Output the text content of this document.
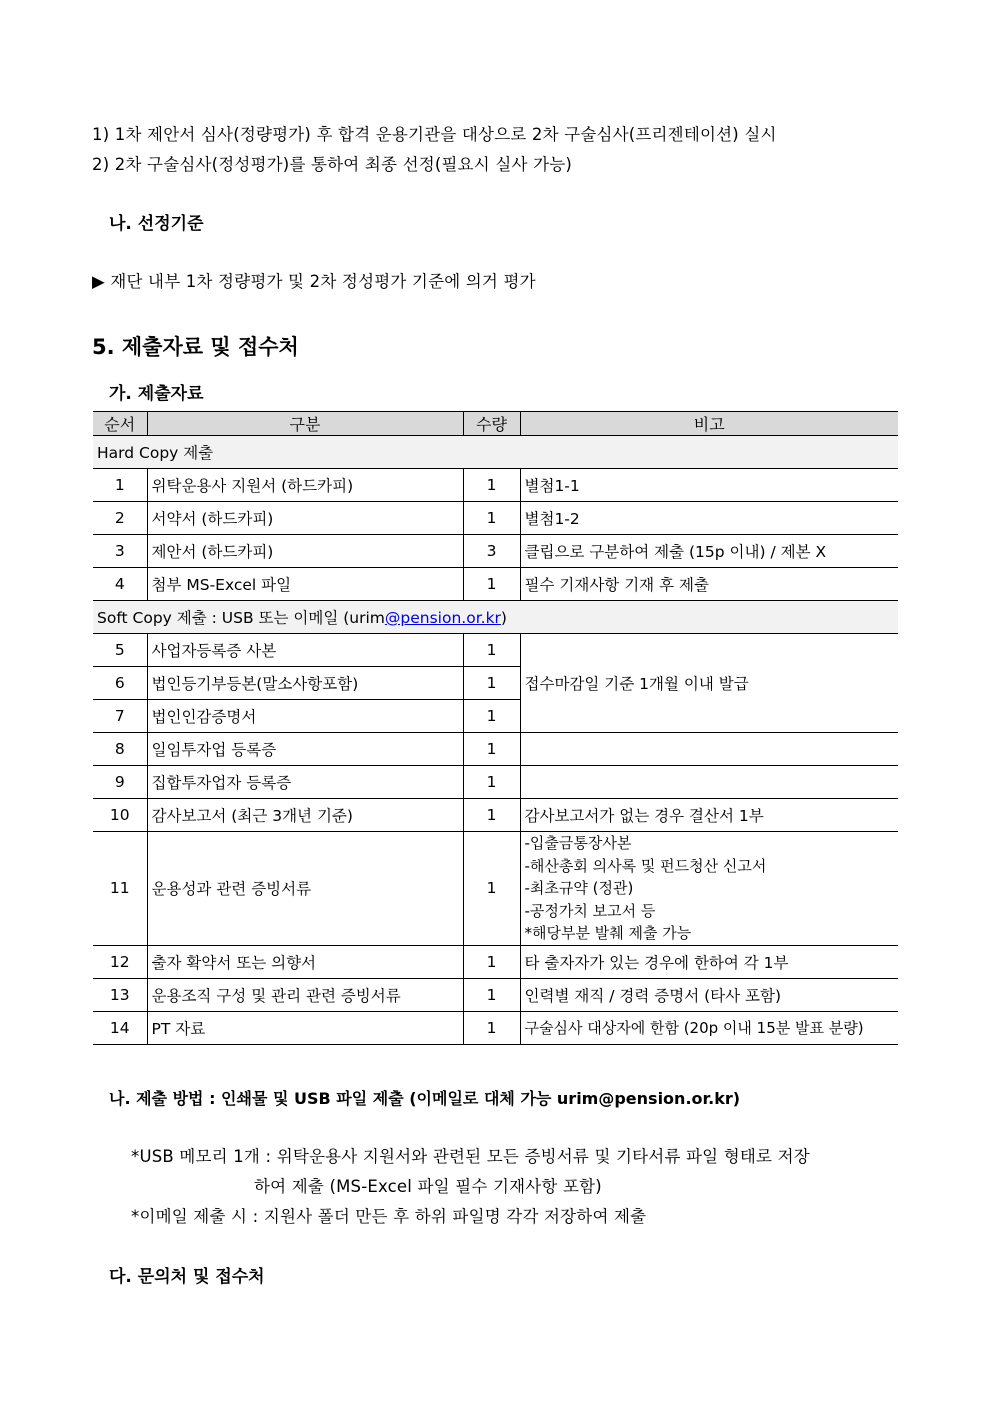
1) 1차 제안서 심사(정량평가) 후 합격 운용기관을 대상으로 2차 구술심사(프리젠테이션) 실시
2) 2차 구술심사(정성평가)를 통하여 최종 선정(필요시 실사 가능)
나. 선정기준
▶ 재단 내부 1차 정량평가 및 2차 정성평가 기준에 의거 평가
5. 제출자료 및 접수처
가. 제출자료
순서	구분	수량	비고
Hard Copy 제출			
1	위탁운용사 지원서 (하드카피)	1	별첨1-1
2	서약서 (하드카피)	1	별첨1-2
3	제안서 (하드카피)	3	클립으로 구분하여 제출 (15p 이내) / 제본 X
4	첨부 MS-Excel 파일	1	필수 기재사항 기재 후 제출
Soft Copy 제출 : USB 또는 이메일 (urim@pension.or.kr)			
5	사업자등록증 사본	1	접수마감일 기준 1개월 이내 발급
6	법인등기부등본(말소사항포함)	1	
7	법인인감증명서	1	
8	일임투자업 등록증	1	
9	집합투자업자 등록증	1	
10	감사보고서 (최근 3개년 기준)	1	감사보고서가 없는 경우 결산서 1부
11	운용성과 관련 증빙서류	1	-입출금통장사본
-해산총회 의사록 및 펀드청산 신고서
-최초규약 (정관)
-공정가치 보고서 등
*해당부분 발췌 제출 가능

12	출자 확약서 또는 의향서	1	타 출자자가 있는 경우에 한하여 각 1부
13	운용조직 구성 및 관리 관련 증빙서류	1	인력별 재직 / 경력 증명서 (타사 포함)
14	PT 자료	1	구술심사 대상자에 한함 (20p 이내 15분 발표 분량)
나. 제출 방법 : 인쇄물 및 USB 파일 제출 (이메일로 대체 가능 urim@pension.or.kr)
*USB 메모리 1개 : 위탁운용사 지원서와 관련된 모든 증빙서류 및 기타서류 파일 형태로 저장
하여 제출 (MS-Excel 파일 필수 기재사항 포함)
*이메일 제출 시 : 지원사 폴더 만든 후 하위 파일명 각각 저장하여 제출
다. 문의처 및 접수처
